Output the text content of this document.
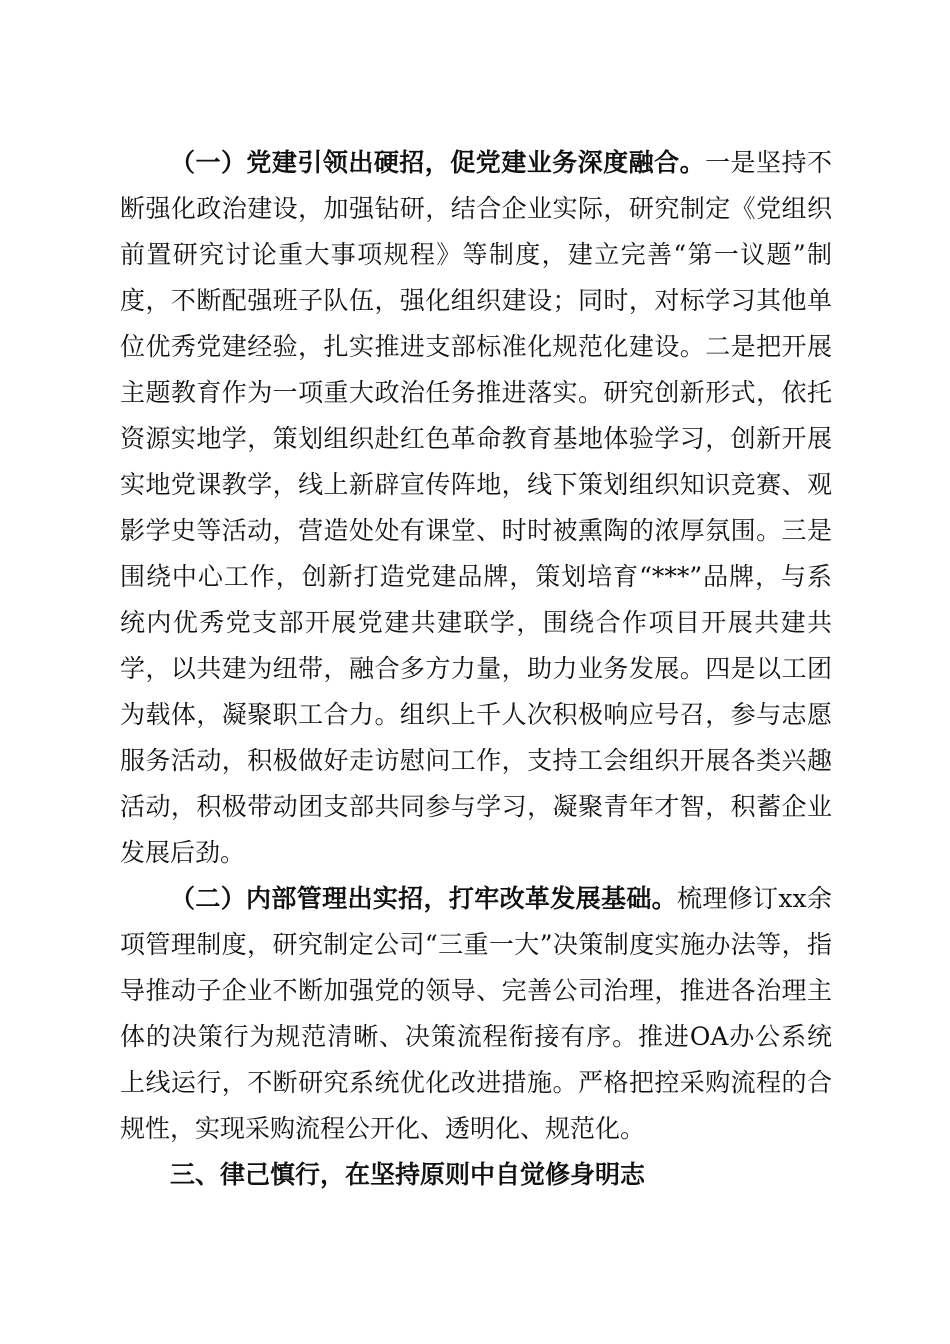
（一）党建引领出硬招，促党建业务深度融合。一是坚持不断强化政治建设，加强钻研，结合企业实际，研究制定《党组织前置研究讨论重大事项规程》等制度，建立完善“第一议题”制度，不断配强班子队伍，强化组织建设；同时，对标学习其他单位优秀党建经验，扎实推进支部标准化规范化建设。二是把开展主题教育作为一项重大政治任务推进落实。研究创新形式，依托资源实地学，策划组织赴红色革命教育基地体验学习，创新开展实地党课教学，线上新辟宣传阵地，线下策划组织知识竞赛、观影学史等活动，营造处处有课堂、时时被熏陶的浓厚氛围。三是围绕中心工作，创新打造党建品牌，策划培育“***”品牌，与系统内优秀党支部开展党建共建联学，围绕合作项目开展共建共学，以共建为纽带，融合多方力量，助力业务发展。四是以工团为载体，凝聚职工合力。组织上千人次积极响应号召，参与志愿服务活动，积极做好走访慰问工作，支持工会组织开展各类兴趣活动，积极带动团支部共同参与学习，凝聚青年才智，积蓄企业发展后劲。

（二）内部管理出实招，打牢改革发展基础。梳理修订xx余项管理制度，研究制定公司“三重一大”决策制度实施办法等，指导推动子企业不断加强党的领导、完善公司治理，推进各治理主体的决策行为规范清晰、决策流程衔接有序。推进OA办公系统上线运行，不断研究系统优化改进措施。严格把控采购流程的合规性，实现采购流程公开化、透明化、规范化。

三、律己慎行，在坚持原则中自觉修身明志
